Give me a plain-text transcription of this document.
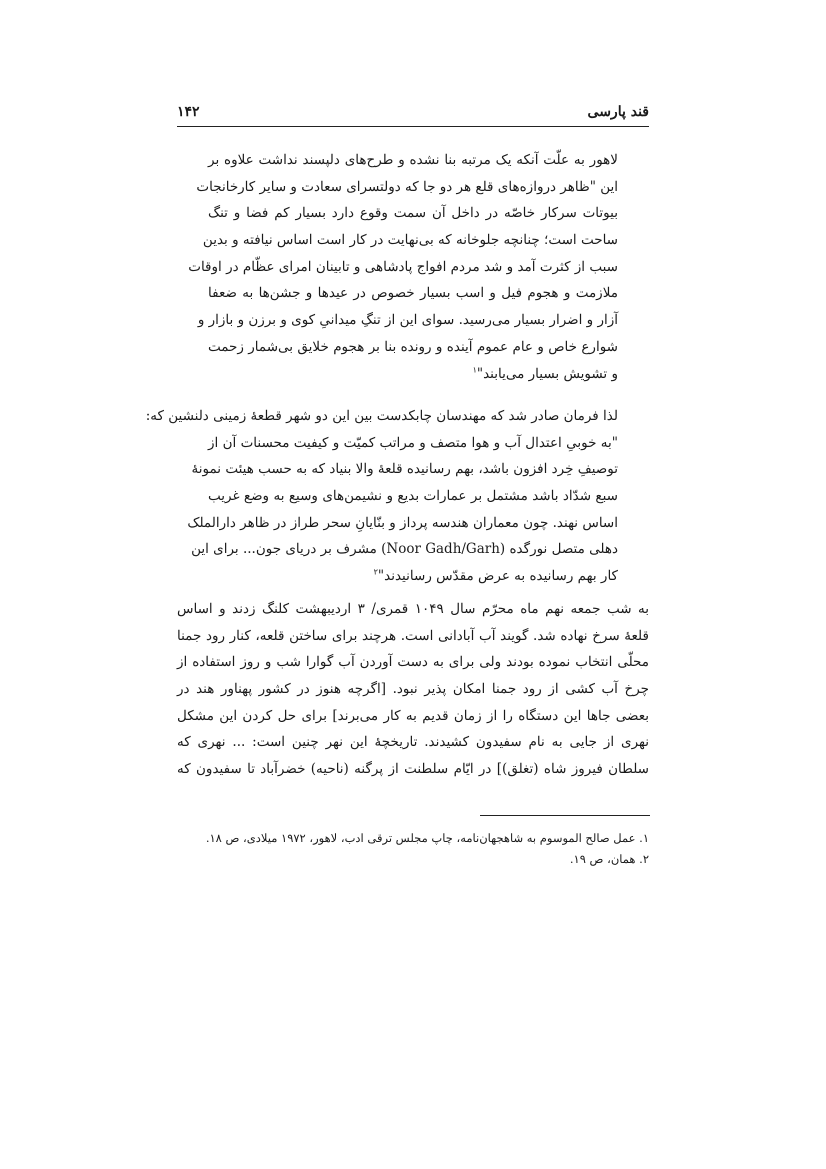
قند پارسی
۱۴۲
لاهور به علّت آنکه یک مرتبه بنا نشده و طرح‌های دلپسند نداشت علاوه بر
این "ظاهر دروازه‌های قلع هر دو جا که دولتسرای سعادت و سایر کارخانجات
بیوتات سرکار خاصّه در داخل آن سمت وقوع دارد بسیار کم فضا و تنگ
ساحت است؛ چنانچه جلوخانه که بی‌نهایت در کار است اساس نیافته و بدین
سبب از کثرت آمد و شد مردم افواج پادشاهی و تابینان امرای عظّام در اوقات
ملازمت و هجوم فیل و اسب بسیار خصوص در عیدها و جشن‌ها به ضعفا
آزار و اضرار بسیار می‌رسید. سوای این از تنگِ میدانیِ کوی و برزن و بازار و
شوارع خاص و عام عموم آینده و رونده بنا بر هجوم خلایق بی‌شمار زحمت
و تشویش بسیار می‌یابند"$^۱$
لذا فرمان صادر شد که مهندسان چابکدست بین این دو شهر قطعهٔ زمینی دلنشین که:
"به خوبیِ اعتدال آب و هوا متصف و مراتب کمیّت و کیفیت محسنات آن از
توصیفِ خِرد افزون باشد، بهم رسانیده قلعهٔ والا بنیاد که به حسب هیئت نمونهٔ
سبع شدّاد باشد مشتمل بر عمارات بدیع و نشیمن‌های وسیع به وضع غریب
اساس نهند. چون معماران هندسه پرداز و بنّایانِ سحر طراز در ظاهر دارالملک
دهلی متصل نورگده (Noor Gadh/Garh) مشرف بر دریای جون... برای این
کار بهم رسانیده به عرض مقدّس رسانیدند"$^۲$
به شب جمعه نهم ماه محرّم سال ۱۰۴۹ قمری/ ۳ اردیبهشت کلنگ زدند و اساس
قلعهٔ سرخ نهاده شد. گویند آب آبادانی است. هرچند برای ساختن قلعه، کنار رود جمنا
محلّی انتخاب نموده بودند ولی برای به دست آوردن آب گوارا شب و روز استفاده از
چرخ آب کشی از رود جمنا امکان پذیر نبود. [اگرچه هنوز در کشور پهناور هند در
بعضی جاها این دستگاه را از زمان قدیم به کار می‌برند] برای حل کردن این مشکل
نهری از جایی به نام سفیدون کشیدند. تاریخچهٔ این نهر چنین است: ... نهری که
سلطان فیروز شاه (تغلق)] در ایّام سلطنت از پرگنه (ناحیه) خضرآباد تا سفیدون که
۱. عمل صالح الموسوم به شاهجهان‌نامه، چاپ مجلس ترقی ادب، لاهور، ۱۹۷۲ میلادی، ص ۱۸.
۲. همان، ص ۱۹.
